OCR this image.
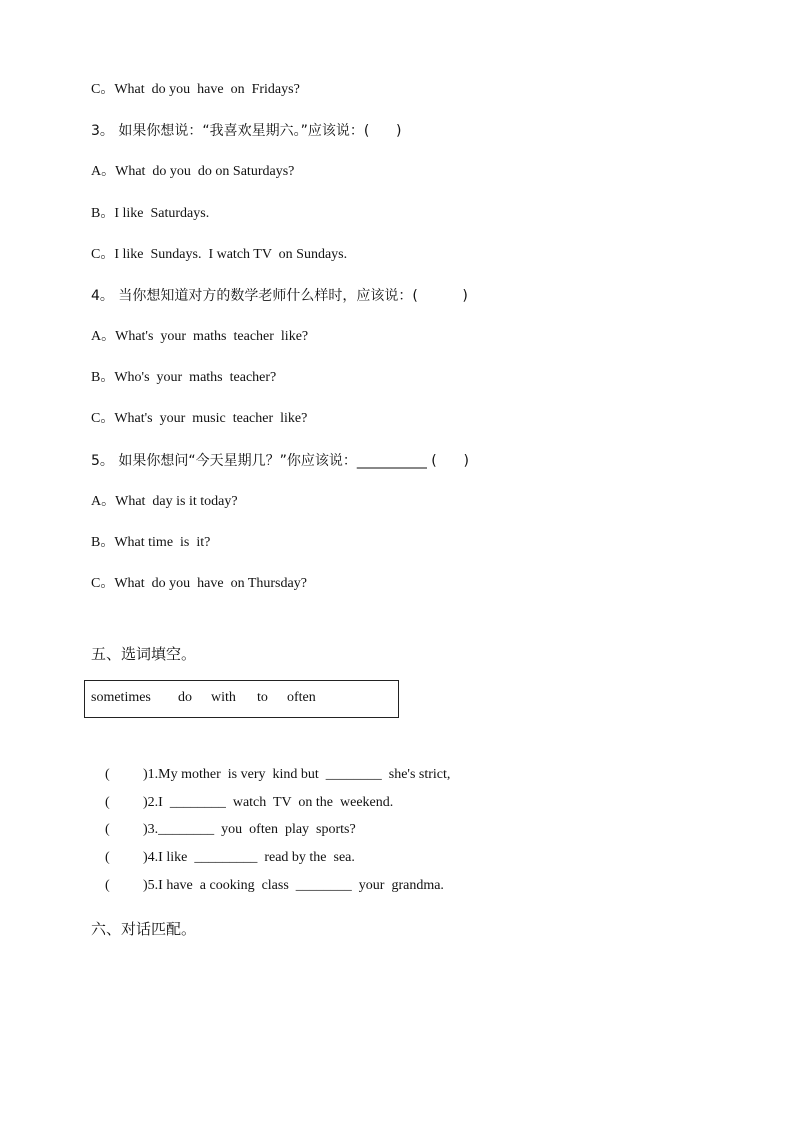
C。What  do you  have  on  Fridays?
3。 如果你想说：“我喜欢星期六。”应该说：(      )
A。What  do you  do on Saturdays?
B。I like  Saturdays.
C。I like  Sundays.  I watch TV  on Sundays.
4。 当你想知道对方的数学老师什么样时，应该说：(          )
A。What's  your  maths  teacher  like?
B。Who's  your  maths  teacher?
C。What's  your  music  teacher  like?
5。 如果你想问“今天星期几？”你应该说：__________ (      )
A。What  day is it today?
B。What time  is  it?
C。What  do you  have  on Thursday?
五、选词填空。
sometimes do with to often

( )1.My mother  is very  kind but  ________  she's strict,

( )2.I  ________  watch  TV  on the  weekend.

( )3.________  you  often  play  sports?

( )4.I like  _________  read by the  sea.

( )5.I have  a cooking  class  ________  your  grandma.

六、对话匹配。
